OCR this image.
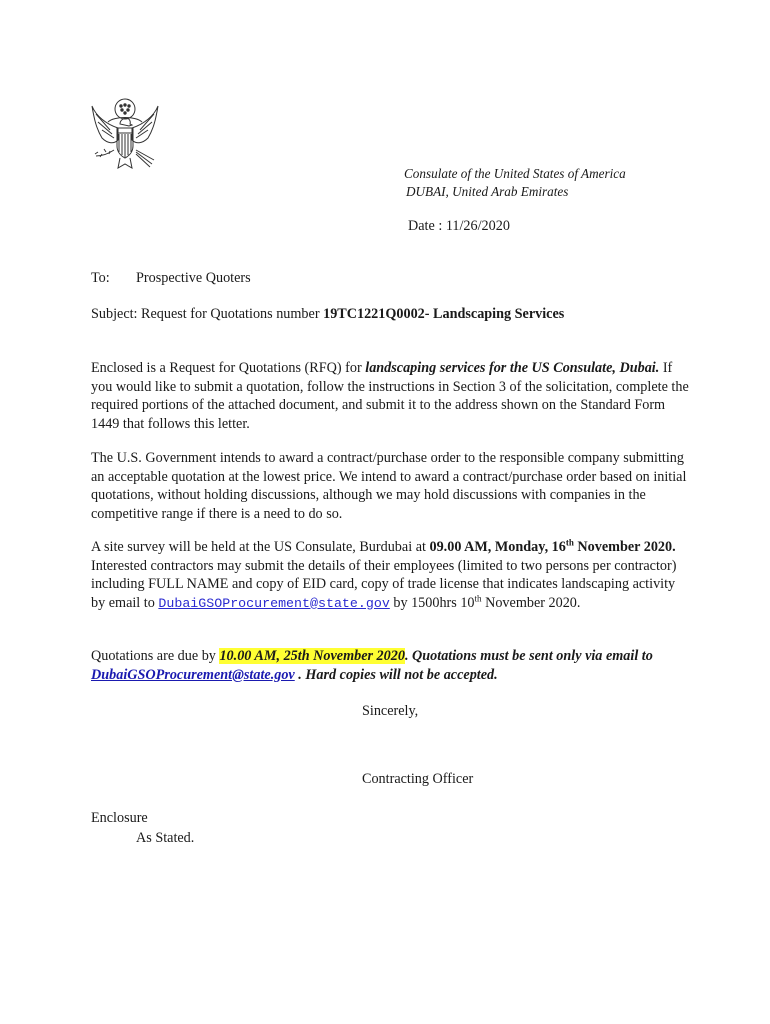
Consulate of the United States of America
DUBAI, United Arab Emirates
Date : 11/26/2020
To: Prospective Quoters
Subject: Request for Quotations number 19TC1221Q0002- Landscaping Services
Enclosed is a Request for Quotations (RFQ) for landscaping services for the US Consulate, Dubai. If you would like to submit a quotation, follow the instructions in Section 3 of the solicitation, complete the required portions of the attached document, and submit it to the address shown on the Standard Form 1449 that follows this letter.
The U.S. Government intends to award a contract/purchase order to the responsible company submitting an acceptable quotation at the lowest price. We intend to award a contract/purchase order based on initial quotations, without holding discussions, although we may hold discussions with companies in the competitive range if there is a need to do so.
A site survey will be held at the US Consulate, Burdubai at 09.00 AM, Monday, 16th November 2020. Interested contractors may submit the details of their employees (limited to two persons per contractor) including FULL NAME and copy of EID card, copy of trade license that indicates landscaping activity by email to DubaiGSOProcurement@state.gov by 1500hrs 10th November 2020.
Quotations are due by 10.00 AM, 25th November 2020. Quotations must be sent only via email to DubaiGSOProcurement@state.gov . Hard copies will not be accepted.
Sincerely,
Contracting Officer
Enclosure
As Stated.
